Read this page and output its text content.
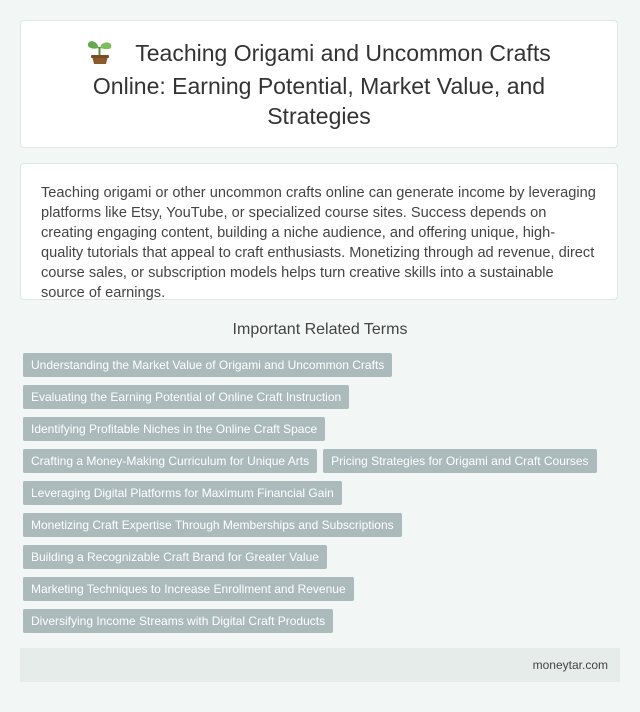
Teaching Origami and Uncommon Crafts Online: Earning Potential, Market Value, and Strategies

Teaching origami or other uncommon crafts online can generate income by leveraging platforms like Etsy, YouTube, or specialized course sites. Success depends on creating engaging content, building a niche audience, and offering unique, high-quality tutorials that appeal to craft enthusiasts. Monetizing through ad revenue, direct course sales, or subscription models helps turn creative skills into a sustainable source of earnings.

Important Related Terms
Understanding the Market Value of Origami and Uncommon Crafts
Evaluating the Earning Potential of Online Craft Instruction
Identifying Profitable Niches in the Online Craft Space
Crafting a Money-Making Curriculum for Unique Arts	Pricing Strategies for Origami and Craft Courses
Leveraging Digital Platforms for Maximum Financial Gain
Monetizing Craft Expertise Through Memberships and Subscriptions
Building a Recognizable Craft Brand for Greater Value
Marketing Techniques to Increase Enrollment and Revenue
Diversifying Income Streams with Digital Craft Products
moneytar.com
